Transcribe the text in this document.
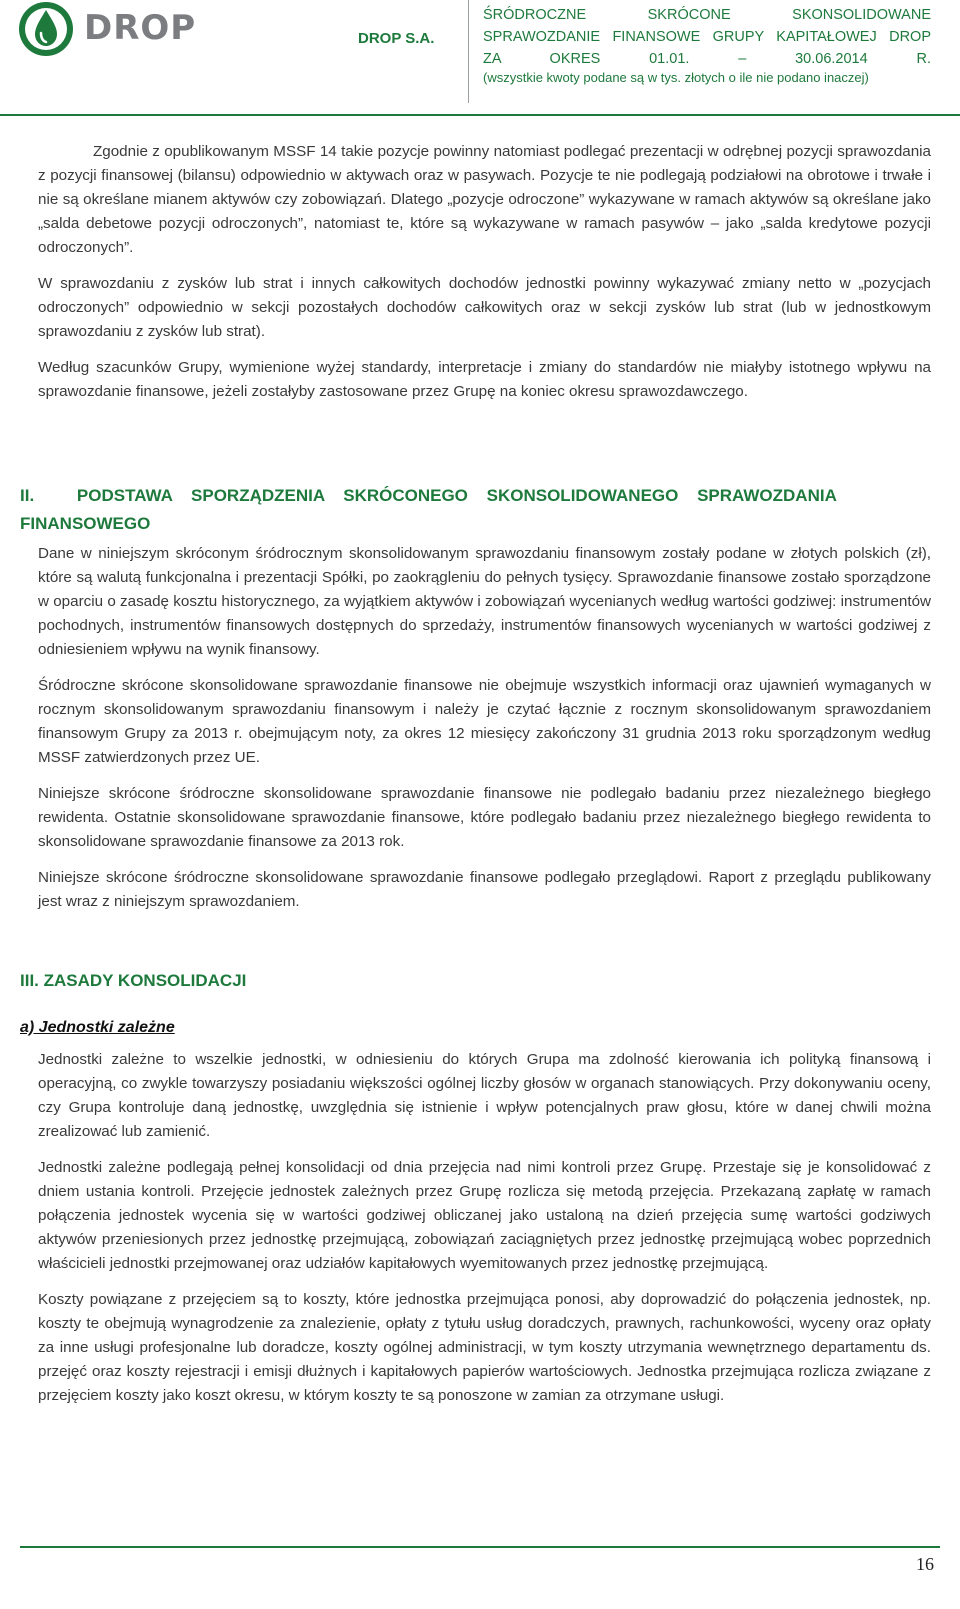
DROP	DROP S.A.
ŚRÓDROCZNE SKRÓCONE SKONSOLIDOWANE
SPRAWOZDANIE FINANSOWE GRUPY KAPITAŁOWEJ DROP
ZA OKRES 01.01. – 30.06.2014 R.
(wszystkie kwoty podane są w tys. złotych o ile nie podano inaczej)

Zgodnie z opublikowanym MSSF 14 takie pozycje powinny natomiast podlegać prezentacji w odrębnej pozycji sprawozdania z pozycji finansowej (bilansu) odpowiednio w aktywach oraz w pasywach. Pozycje te nie podlegają podziałowi na obrotowe i trwałe i nie są określane mianem aktywów czy zobowiązań. Dlatego „pozycje odroczone” wykazywane w ramach aktywów są określane jako „salda debetowe pozycji odroczonych”, natomiast te, które są wykazywane w ramach pasywów – jako „salda kredytowe pozycji odroczonych”.

W sprawozdaniu z zysków lub strat i innych całkowitych dochodów jednostki powinny wykazywać zmiany netto w „pozycjach odroczonych” odpowiednio w sekcji pozostałych dochodów całkowitych oraz w sekcji zysków lub strat (lub w jednostkowym sprawozdaniu z zysków lub strat).

Według szacunków Grupy, wymienione wyżej standardy, interpretacje i zmiany do standardów nie miałyby istotnego wpływu na sprawozdanie finansowe, jeżeli zostałyby zastosowane przez Grupę na koniec okresu sprawozdawczego.

II.	PODSTAWA SPORZĄDZENIA SKRÓCONEGO SKONSOLIDOWANEGO SPRAWOZDANIA FINANSOWEGO

Dane w niniejszym skróconym śródrocznym skonsolidowanym sprawozdaniu finansowym zostały podane w złotych polskich (zł), które są walutą funkcjonalna i prezentacji Spółki, po zaokrągleniu do pełnych tysięcy. Sprawozdanie finansowe zostało sporządzone w oparciu o zasadę kosztu historycznego, za wyjątkiem aktywów i zobowiązań wycenianych według wartości godziwej: instrumentów pochodnych, instrumentów finansowych dostępnych do sprzedaży, instrumentów finansowych wycenianych w wartości godziwej z odniesieniem wpływu na wynik finansowy.

Śródroczne skrócone skonsolidowane sprawozdanie finansowe nie obejmuje wszystkich informacji oraz ujawnień wymaganych w rocznym skonsolidowanym sprawozdaniu finansowym i należy je czytać łącznie z rocznym skonsolidowanym sprawozdaniem finansowym Grupy za 2013 r. obejmującym noty, za okres 12 miesięcy zakończony 31 grudnia 2013 roku sporządzonym według MSSF zatwierdzonych przez UE.

Niniejsze skrócone śródroczne skonsolidowane sprawozdanie finansowe nie podlegało badaniu przez niezależnego biegłego rewidenta. Ostatnie skonsolidowane sprawozdanie finansowe, które podlegało badaniu przez niezależnego biegłego rewidenta to skonsolidowane sprawozdanie finansowe za 2013 rok.

Niniejsze skrócone śródroczne skonsolidowane sprawozdanie finansowe podlegało przeglądowi. Raport z przeglądu publikowany jest wraz z niniejszym sprawozdaniem.

III. ZASADY KONSOLIDACJI
a) Jednostki zależne

Jednostki zależne to wszelkie jednostki, w odniesieniu do których Grupa ma zdolność kierowania ich polityką finansową i operacyjną, co zwykle towarzyszy posiadaniu większości ogólnej liczby głosów w organach stanowiących. Przy dokonywaniu oceny, czy Grupa kontroluje daną jednostkę, uwzględnia się istnienie i wpływ potencjalnych praw głosu, które w danej chwili można zrealizować lub zamienić.

Jednostki zależne podlegają pełnej konsolidacji od dnia przejęcia nad nimi kontroli przez Grupę. Przestaje się je konsolidować z dniem ustania kontroli. Przejęcie jednostek zależnych przez Grupę rozlicza się metodą przejęcia. Przekazaną zapłatę w ramach połączenia jednostek wycenia się w wartości godziwej obliczanej jako ustaloną na dzień przejęcia sumę wartości godziwych aktywów przeniesionych przez jednostkę przejmującą, zobowiązań zaciągniętych przez jednostkę przejmującą wobec poprzednich właścicieli jednostki przejmowanej oraz udziałów kapitałowych wyemitowanych przez jednostkę przejmującą.

Koszty powiązane z przejęciem są to koszty, które jednostka przejmująca ponosi, aby doprowadzić do połączenia jednostek, np. koszty te obejmują wynagrodzenie za znalezienie, opłaty z tytułu usług doradczych, prawnych, rachunkowości, wyceny oraz opłaty za inne usługi profesjonalne lub doradcze, koszty ogólnej administracji, w tym koszty utrzymania wewnętrznego departamentu ds. przejęć oraz koszty rejestracji i emisji dłużnych i kapitałowych papierów wartościowych. Jednostka przejmująca rozlicza związane z przejęciem koszty jako koszt okresu, w którym koszty te są ponoszone w zamian za otrzymane usługi.

16
